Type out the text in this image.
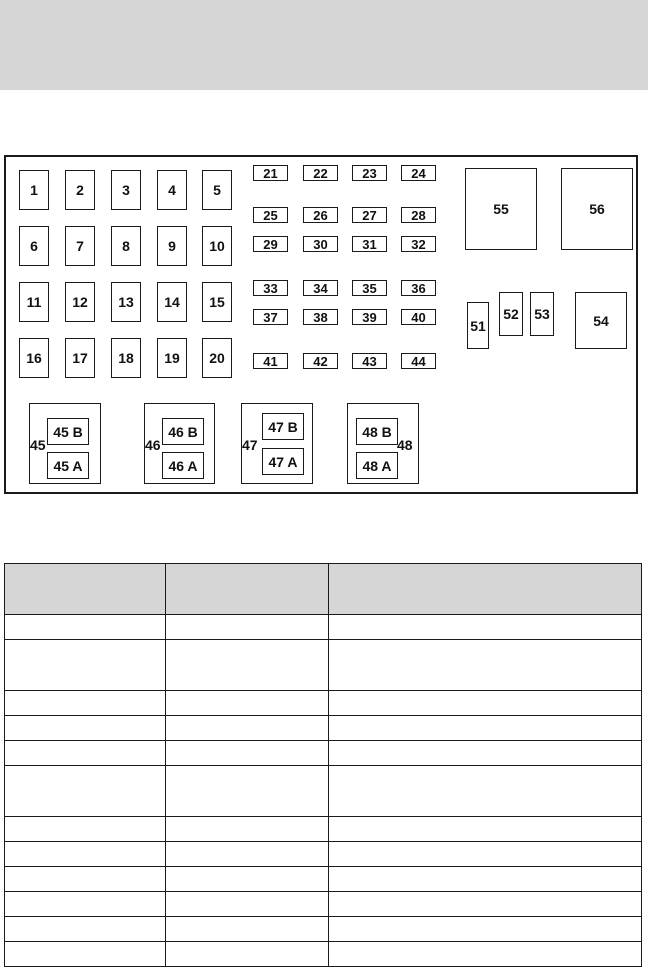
1	2	3	4	5
6	7	8	9	10
11	12	13	14	15
16	17	18	19	20
21	22	23	24
25	26	27	28
29	30	31	32
33	34	35	36
37	38	39	40
41	42	43	44
55	56
51
52	53	54
45 B
45 A
45
46 B
46 A
46
47 B
47 A
47
48 B
48 A
48
